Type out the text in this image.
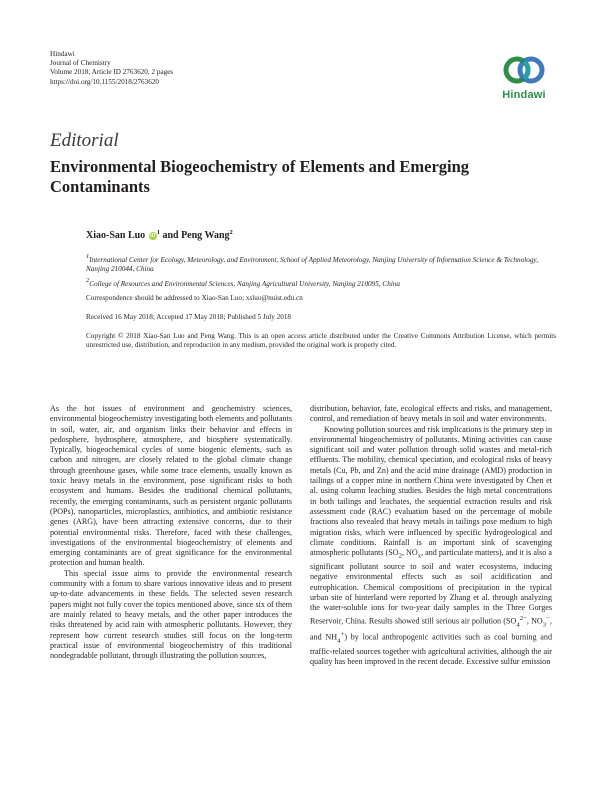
Hindawi
Journal of Chemistry
Volume 2018, Article ID 2763620, 2 pages
https://doi.org/10.1155/2018/2763620
Hindawi
Editorial
Environmental Biogeochemistry of Elements and Emerging Contaminants
Xiao-San Luo $iD^1$ and Peng Wang$^2$
1International Center for Ecology, Meteorology, and Environment, School of Applied Meteorology, Nanjing University of Information Science & Technology, Nanjing 210044, China
2College of Resources and Environmental Sciences, Nanjing Agricultural University, Nanjing 210095, China
Correspondence should be addressed to Xiao-San Luo; xsluo@nuist.edu.cn
Received 16 May 2018; Accepted 17 May 2018; Published 5 July 2018
Copyright © 2018 Xiao-San Luo and Peng Wang. This is an open access article distributed under the Creative Commons Attribution License, which permits unrestricted use, distribution, and reproduction in any medium, provided the original work is properly cited.

As the hot issues of environment and geochemistry sciences, environmental biogeochemistry investigating both elements and pollutants in soil, water, air, and organism links their behavior and effects in pedosphere, hydrosphere, atmosphere, and biosphere systematically. Typically, biogeochemical cycles of some biogenic elements, such as carbon and nitrogen, are closely related to the global climate change through greenhouse gases, while some trace elements, usually known as toxic heavy metals in the environment, pose significant risks to both ecosystem and humans. Besides the traditional chemical pollutants, recently, the emerging contaminants, such as persistent organic pollutants (POPs), nanoparticles, microplastics, antibiotics, and antibiotic resistance genes (ARG), have been attracting extensive concerns, due to their potential environmental risks. Therefore, faced with these challenges, investigations of the environmental biogeochemistry of elements and emerging contaminants are of great significance for the environmental protection and human health.

This special issue aims to provide the environmental research community with a forum to share various innovative ideas and to present up-to-date advancements in these fields. The selected seven research papers might not fully cover the topics mentioned above, since six of them are mainly related to heavy metals, and the other paper introduces the risks threatened by acid rain with atmospheric pollutants. However, they represent how current research studies still focus on the long-term practical issue of environmental biogeochemistry of this traditional nondegradable pollutant, through illustrating the pollution sources,

distribution, behavior, fate, ecological effects and risks, and management, control, and remediation of heavy metals in soil and water environments.

Knowing pollution sources and risk implications is the primary step in environmental biogeochemistry of pollutants. Mining activities can cause significant soil and water pollution through solid wastes and metal-rich effluents. The mobility, chemical speciation, and ecological risks of heavy metals (Cu, Pb, and Zn) and the acid mine drainage (AMD) production in tailings of a copper mine in northern China were investigated by Chen et al. using column leaching studies. Besides the high metal concentrations in both tailings and leachates, the sequential extraction results and risk assessment code (RAC) evaluation based on the percentage of mobile fractions also revealed that heavy metals in tailings pose medium to high migration risks, which were influenced by specific hydrogeological and climate conditions. Rainfall is an important sink of scavenging atmospheric pollutants ($SO_2$, $NO_x$, and particulate matters), and it is also a significant pollutant source to soil and water ecosystems, inducing negative environmental effects such as soil acidification and eutrophication. Chemical compositions of precipitation in the typical urban site of hinterland were reported by Zhang et al. through analyzing the water-soluble ions for two-year daily samples in the Three Gorges Reservoir, China. Results showed still serious air pollution ($SO_4^{2-}$, $NO_3^-$, and $NH_4^+$) by local anthropogenic activities such as coal burning and traffic-related sources together with agricultural activities, although the air quality has been improved in the recent decade. Excessive sulfur emission
